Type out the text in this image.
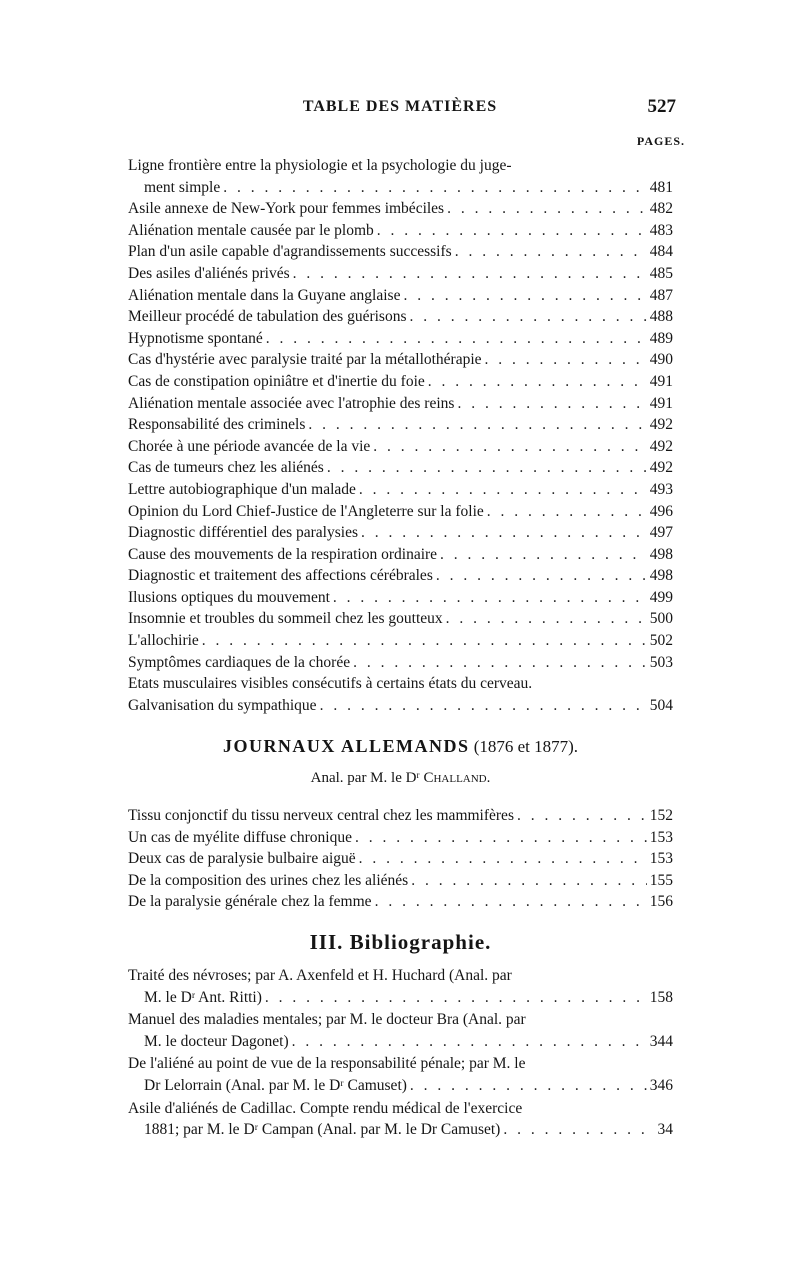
TABLE DES MATIÈRES	527
PAGES.
Ligne frontière entre la physiologie et la psychologie du juge-
ment simple . . .	481
Asile annexe de New-York pour femmes imbéciles . . .	482
Aliénation mentale causée par le plomb . . .	483
Plan d'un asile capable d'agrandissements successifs . . .	484
Des asiles d'aliénés privés . . .	485
Aliénation mentale dans la Guyane anglaise . . .	487
Meilleur procédé de tabulation des guérisons . . .	488
Hypnotisme spontané . . .	489
Cas d'hystérie avec paralysie traité par la métallothérapie . . .	490
Cas de constipation opiniâtre et d'inertie du foie . . .	491
Aliénation mentale associée avec l'atrophie des reins . . .	491
Responsabilité des criminels . . .	492
Chorée à une période avancée de la vie . . .	492
Cas de tumeurs chez les aliénés . . .	492
Lettre autobiographique d'un malade . . .	493
Opinion du Lord Chief-Justice de l'Angleterre sur la folie . . .	496
Diagnostic différentiel des paralysies . . .	497
Cause des mouvements de la respiration ordinaire . . .	498
Diagnostic et traitement des affections cérébrales . . .	498
Ilusions optiques du mouvement . . .	499
Insomnie et troubles du sommeil chez les goutteux . . .	500
L'allochirie . . .	502
Symptômes cardiaques de la chorée . . .	503
Etats musculaires visibles consécutifs à certains états du cerveau.
Galvanisation du sympathique . . .	504
JOURNAUX ALLEMANDS (1876 et 1877).
Anal. par M. le Dʳ Challand.
Tissu conjonctif du tissu nerveux central chez les mammifères . . .	152
Un cas de myélite diffuse chronique . . .	153
Deux cas de paralysie bulbaire aiguë . . .	153
De la composition des urines chez les aliénés . . .	155
De la paralysie générale chez la femme . . .	156
III. Bibliographie.
Traité des névroses; par A. Axenfeld et H. Huchard (Anal. par
M. le Dʳ Ant. Ritti) . . .	158
Manuel des maladies mentales; par M. le docteur Bra (Anal. par
M. le docteur Dagonet) . . .	344
De l'aliéné au point de vue de la responsabilité pénale; par M. le
Dr Lelorrain (Anal. par M. le Dʳ Camuset) . . .	346
Asile d'aliénés de Cadillac. Compte rendu médical de l'exercice
1881; par M. le Dʳ Campan (Anal. par M. le Dr Camuset) . . .	34
